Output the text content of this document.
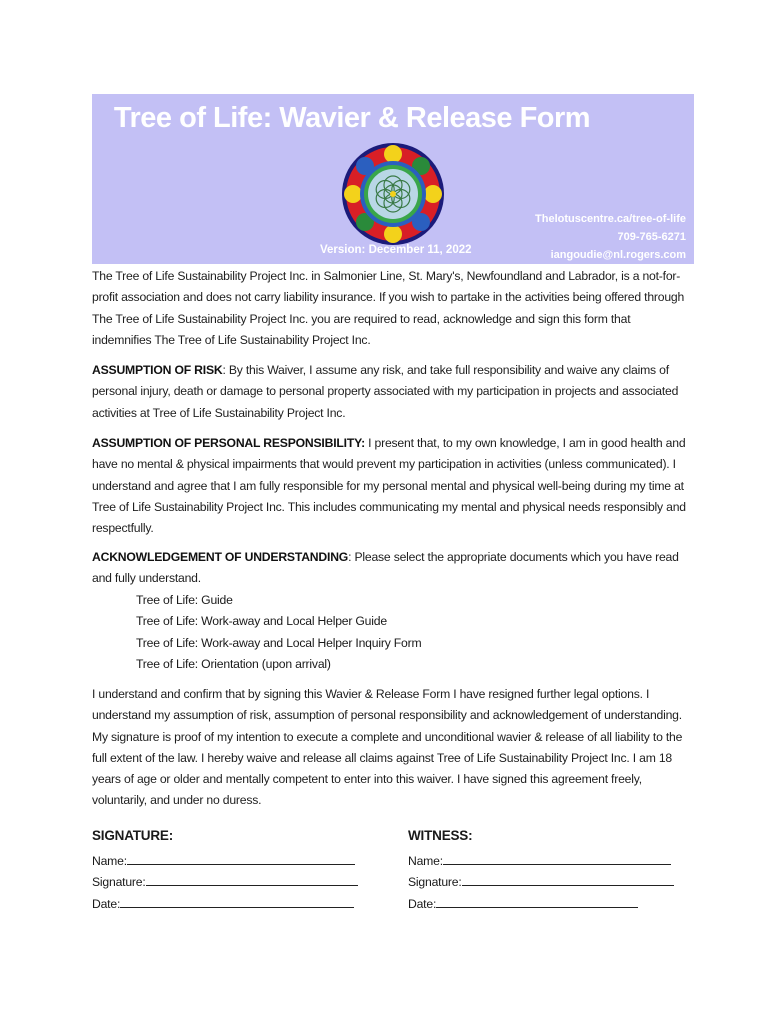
Tree of Life: Wavier & Release Form
Version: December 11, 2022
Thelotuscentre.ca/tree-of-life
709-765-6271
iangoudie@nl.rogers.com
The Tree of Life Sustainability Project Inc. in Salmonier Line, St. Mary's, Newfoundland and Labrador, is a not-for-profit association and does not carry liability insurance. If you wish to partake in the activities being offered through The Tree of Life Sustainability Project Inc. you are required to read, acknowledge and sign this form that indemnifies The Tree of Life Sustainability Project Inc.
ASSUMPTION OF RISK: By this Waiver, I assume any risk, and take full responsibility and waive any claims of personal injury, death or damage to personal property associated with my participation in projects and associated activities at Tree of Life Sustainability Project Inc.
ASSUMPTION OF PERSONAL RESPONSIBILITY: I present that, to my own knowledge, I am in good health and have no mental & physical impairments that would prevent my participation in activities (unless communicated). I understand and agree that I am fully responsible for my personal mental and physical well-being during my time at Tree of Life Sustainability Project Inc. This includes communicating my mental and physical needs responsibly and respectfully.
ACKNOWLEDGEMENT OF UNDERSTANDING: Please select the appropriate documents which you have read and fully understand.
Tree of Life: Guide
Tree of Life: Work-away and Local Helper Guide
Tree of Life: Work-away and Local Helper Inquiry Form
Tree of Life: Orientation (upon arrival)
I understand and confirm that by signing this Wavier & Release Form I have resigned further legal options. I understand my assumption of risk, assumption of personal responsibility and acknowledgement of understanding. My signature is proof of my intention to execute a complete and unconditional wavier & release of all liability to the full extent of the law. I hereby waive and release all claims against Tree of Life Sustainability Project Inc. I am 18 years of age or older and mentally competent to enter into this waiver. I have signed this agreement freely, voluntarily, and under no duress.
SIGNATURE:
Name:
Signature:
Date:
WITNESS:
Name:
Signature:
Date:
